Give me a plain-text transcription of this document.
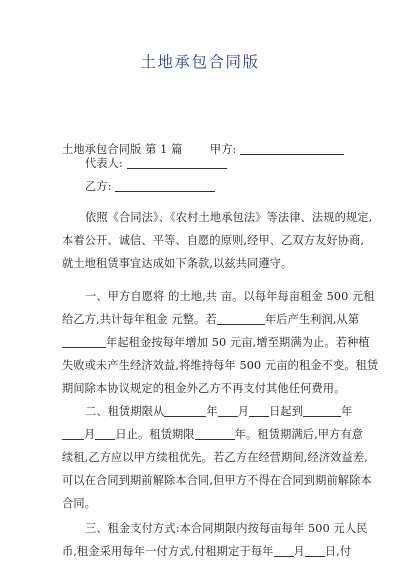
土地承包合同版
土地承包合同版 第 1 篇 甲方:
代表人:
乙方:
依照《合同法》、《农村土地承包法》等法律、法规的规定,
本着公开、诚信、平等、自愿的原则,经甲、乙双方友好协商,
就土地租赁事宜达成如下条款,以兹共同遵守。
一、甲方自愿将 的土地,共 亩。以每年每亩租金 500 元租
给乙方,共计每年租金 元整。若	年后产生利润,从第
年起租金按每年增加 50 元亩,增至期满为止。若种植
失败或未产生经济效益,将维持每年 500 元亩的租金不变。租赁
期间除本协议规定的租金外乙方不再支付其他任何费用。
二、租赁期限从	年 月 日起到	年
月 日止。租赁期限	年。租赁期满后,甲方有意
续租,乙方应以甲方续租优先。若乙方在经营期间,经济效益差,
可以在合同到期前解除本合同,但甲方不得在合同到期前解除本
合同。
三、租金支付方式:本合同期限内按每亩每年 500 元人民
币,租金采用每年一付方式,付租期定于每年 月 日,付
